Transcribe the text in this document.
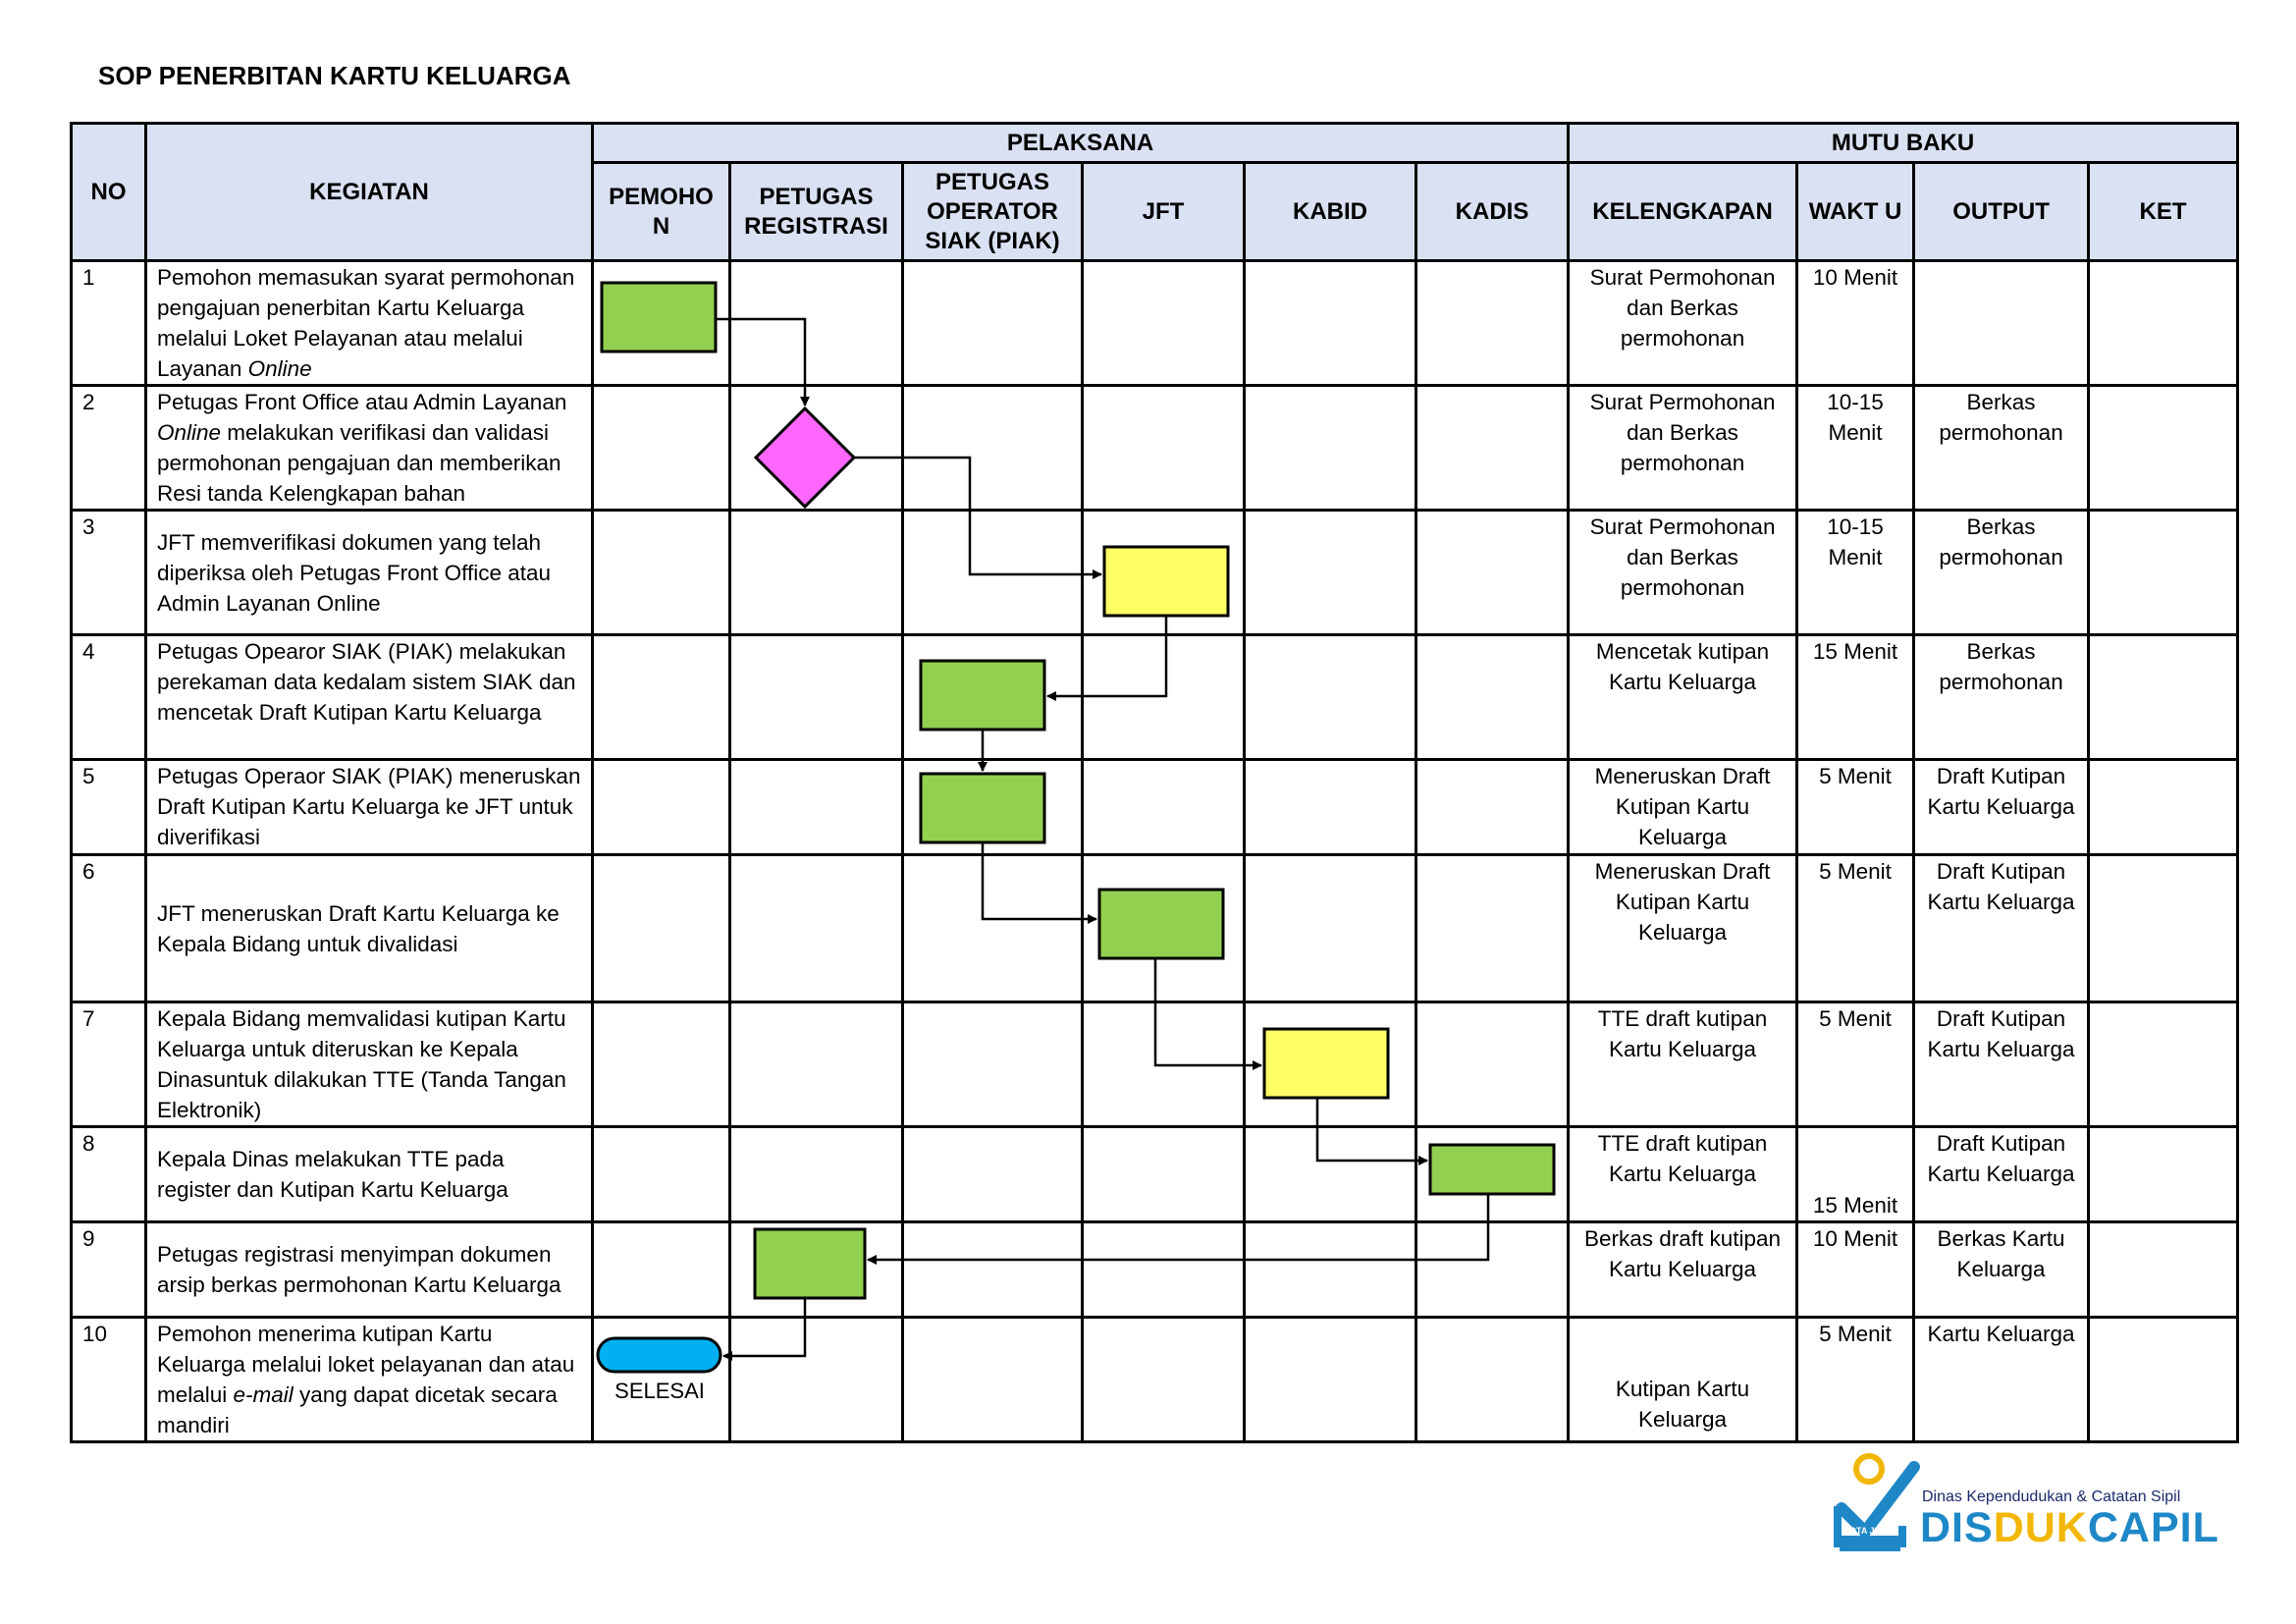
SOP PENERBITAN KARTU KELUARGA
NO	KEGIATAN	PELAKSANA						MUTU BAKU			
		PEMOHO N	PETUGAS REGISTRASI	PETUGAS OPERATOR SIAK (PIAK)	JFT	KABID	KADIS	KELENGKAPAN	WAKT U	OUTPUT	KET
1	Pemohon memasukan syarat permohonan  pengajuan penerbitan Kartu Keluarga melalui Loket Pelayanan atau melalui Layanan Online							Surat Permohonan dan Berkas permohonan	10 Menit		
2	Petugas Front Office atau Admin Layanan Online melakukan verifikasi dan validasi permohonan pengajuan dan memberikan Resi tanda Kelengkapan bahan							Surat Permohonan dan Berkas permohonan	10-15 Menit	Berkas permohonan	
3	JFT memverifikasi dokumen yang telah diperiksa oleh Petugas Front Office atau Admin Layanan Online							Surat Permohonan dan Berkas permohonan	10-15 Menit	Berkas permohonan	
4	Petugas Opearor SIAK (PIAK) melakukan perekaman data kedalam sistem SIAK dan mencetak Draft Kutipan Kartu Keluarga							Mencetak kutipan Kartu Keluarga	15 Menit	Berkas permohonan	
5	Petugas Operaor SIAK (PIAK) meneruskan Draft Kutipan Kartu Keluarga ke JFT untuk diverifikasi							Meneruskan Draft Kutipan Kartu Keluarga	5 Menit	Draft Kutipan Kartu Keluarga	
6	JFT meneruskan Draft Kartu Keluarga ke Kepala Bidang untuk divalidasi							Meneruskan Draft Kutipan Kartu Keluarga	5 Menit	Draft Kutipan Kartu Keluarga	
7	Kepala Bidang memvalidasi kutipan Kartu Keluarga untuk diteruskan ke Kepala Dinasuntuk dilakukan TTE (Tanda Tangan Elektronik)							TTE draft kutipan Kartu Keluarga	5 Menit	Draft Kutipan Kartu Keluarga	
8	Kepala Dinas melakukan TTE pada register dan Kutipan Kartu Keluarga							TTE draft kutipan Kartu Keluarga	15 Menit	Draft Kutipan Kartu Keluarga	
9	Petugas registrasi menyimpan dokumen arsip berkas permohonan Kartu Keluarga							Berkas draft kutipan Kartu Keluarga	10 Menit	Berkas Kartu Keluarga	
10	Pemohon menerima kutipan Kartu Keluarga melalui loket pelayanan dan atau  melalui e-mail yang dapat dicetak secara mandiri							Kutipan Kartu Keluarga	5 Menit	Kartu Keluarga	
SELESAI
KOTA JAMBI
Dinas Kependudukan & Catatan Sipil
DISDUKCAPIL
